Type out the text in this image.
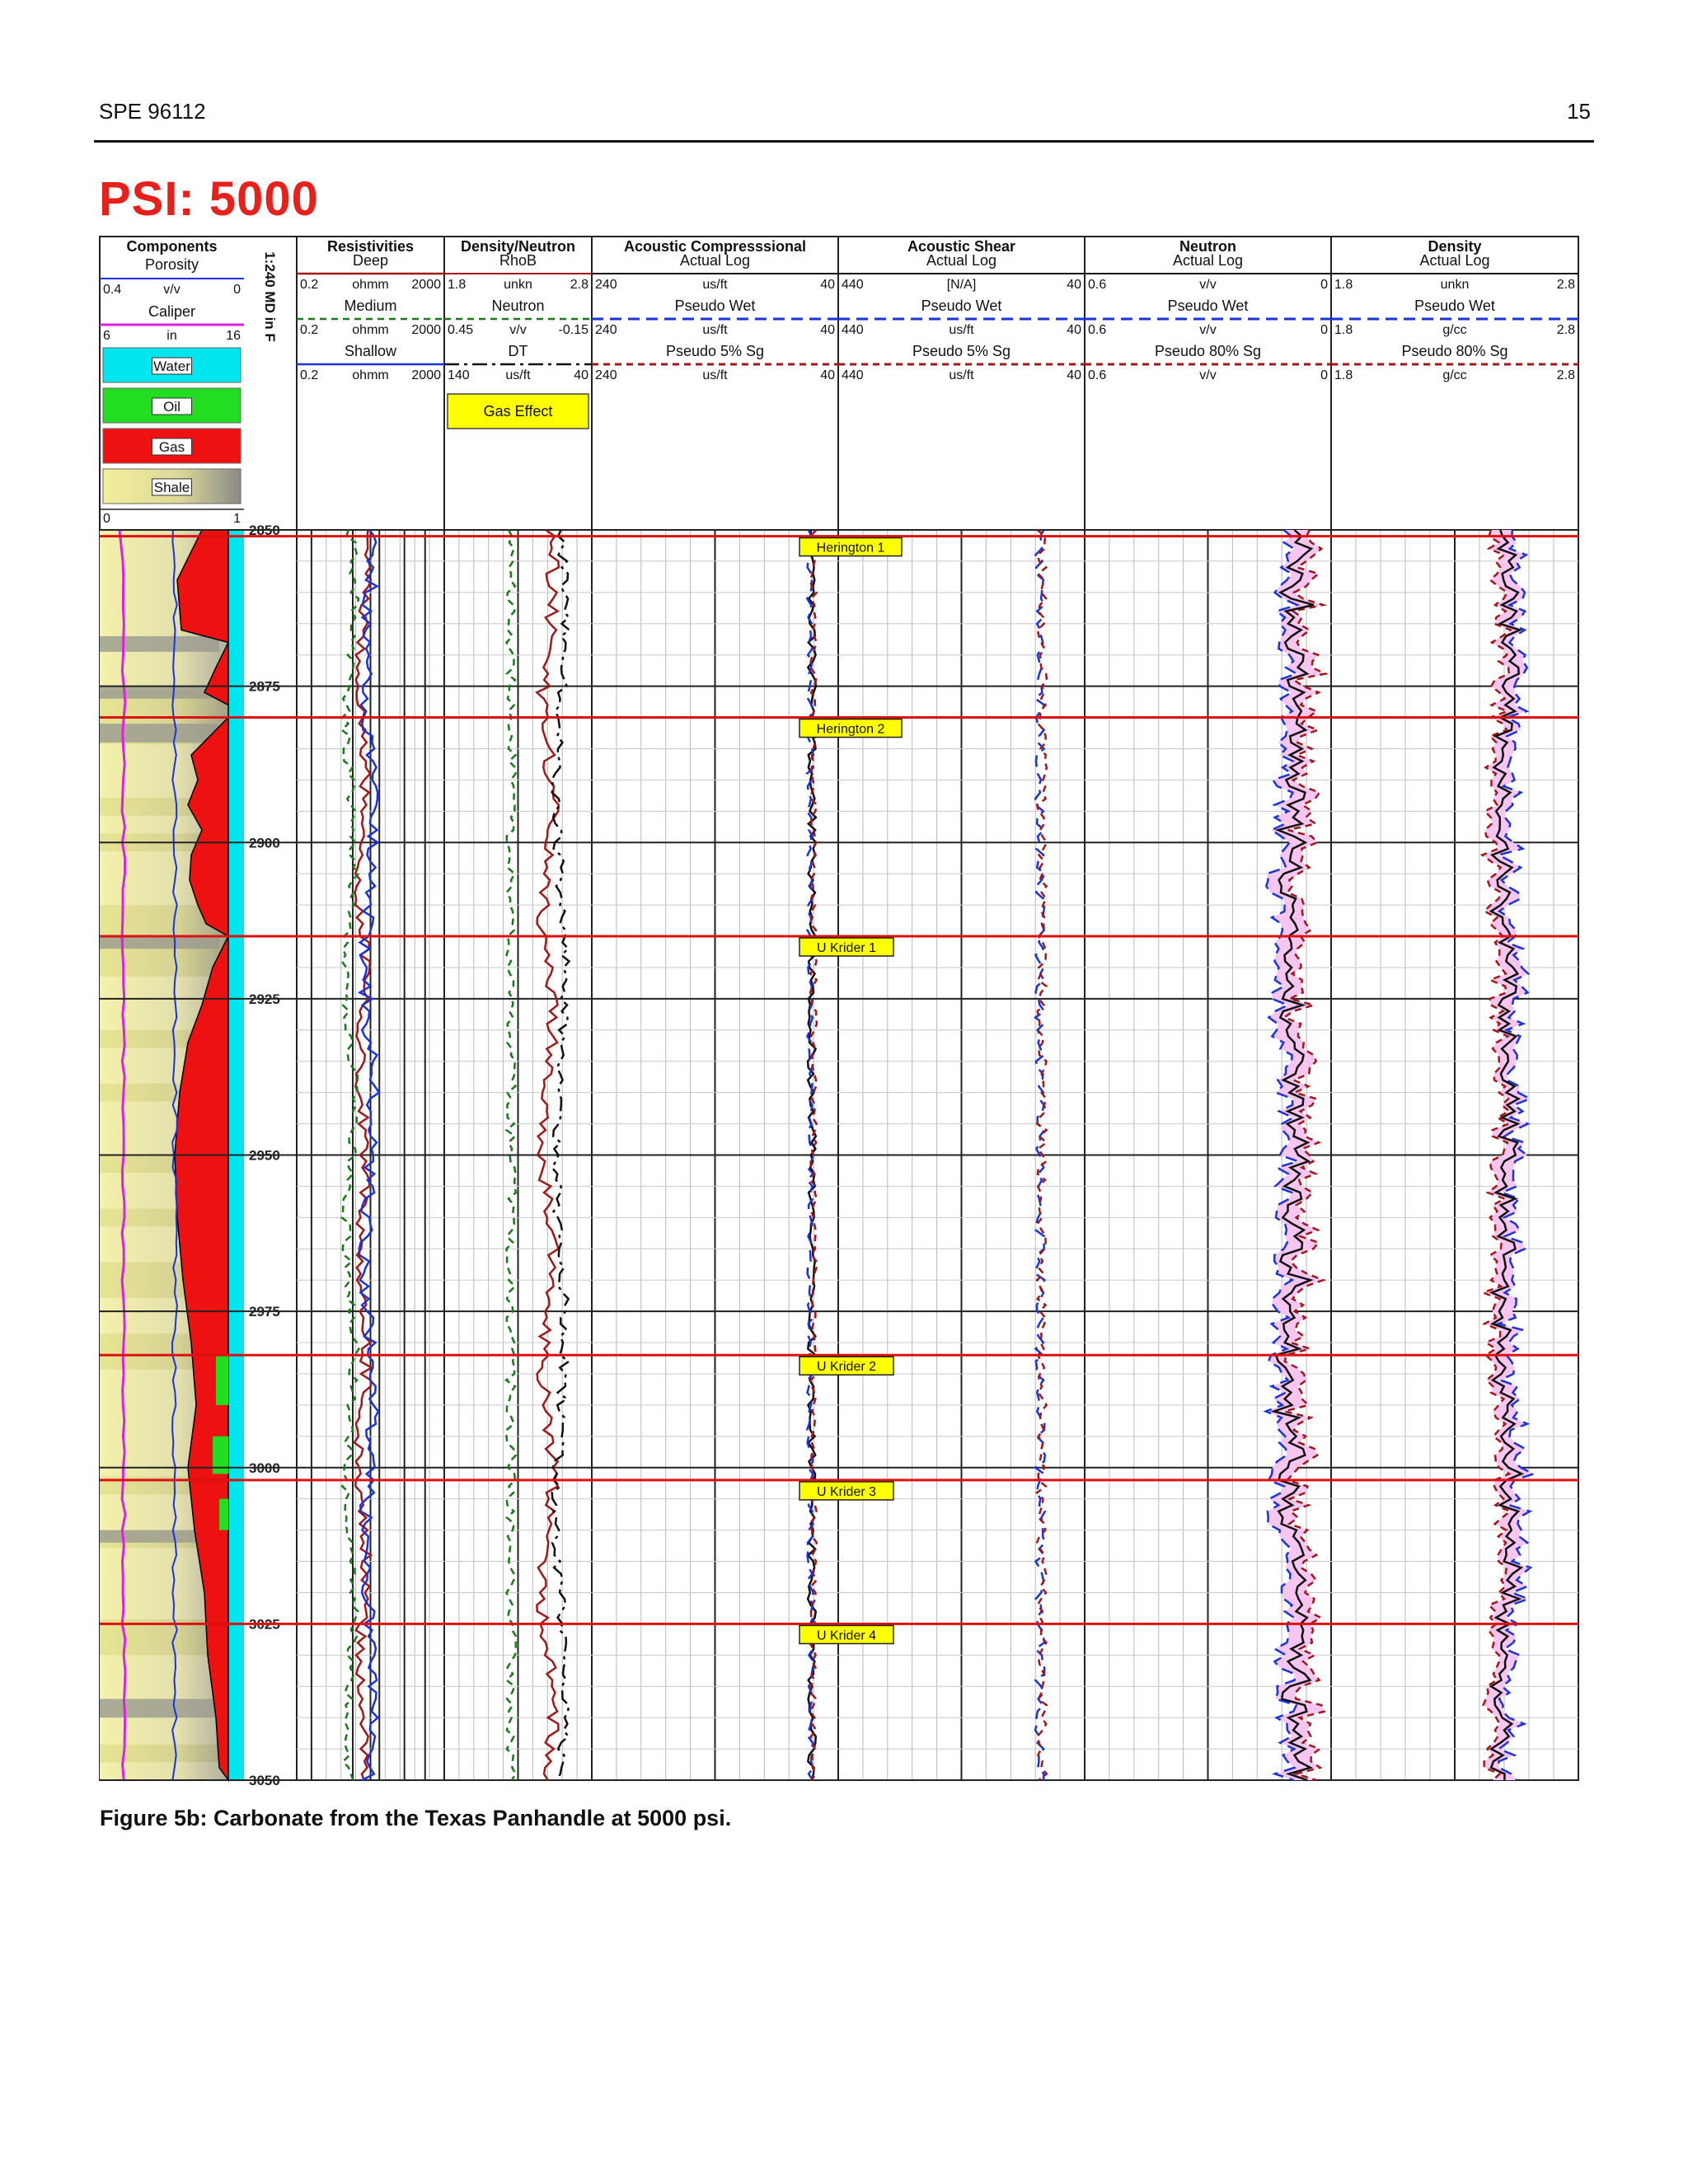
SPE 96112	15
PSI: 5000
Components
Porosity
0.4	v/v	0
Caliper
6	in	16
Water
Oil
Gas
Shale
0	1
Resistivities
Deep
0.2	ohmm 2000
Medium
0.2	ohmm 2000
Shallow
0.2	ohmm 2000
Density/Neutron
RhoB
1.8	unkn	2.8
Neutron
0.45	v/v -0.15
DT
140	us/ft	40
Gas Effect
Acoustic Compresssional
Actual Log
240	us/ft	40
Pseudo Wet
240	us/ft	40
Pseudo 5% Sg
240	us/ft	40
Acoustic Shear
Actual Log
440	[N/A]	40
Pseudo Wet
440	us/ft	40
Pseudo 5% Sg
440	us/ft	40
Neutron
Actual Log
0.6	v/v	0
Pseudo Wet
0.6	v/v	0
Pseudo 80% Sg
0.6	v/v	0
Density
Actual Log
1.8	unkn	2.8
Pseudo Wet
1.8	g/cc	2.8
Pseudo 80% Sg
1.8	g/cc	2.8
1:240 MD in F
2850
2875
2900
2925
2950
2975
3000
3025
3050
Herington 1
Herington 2
U Krider 1
U Krider 2
U Krider 3
U Krider 4
Figure 5b: Carbonate from the Texas Panhandle at 5000 psi.
